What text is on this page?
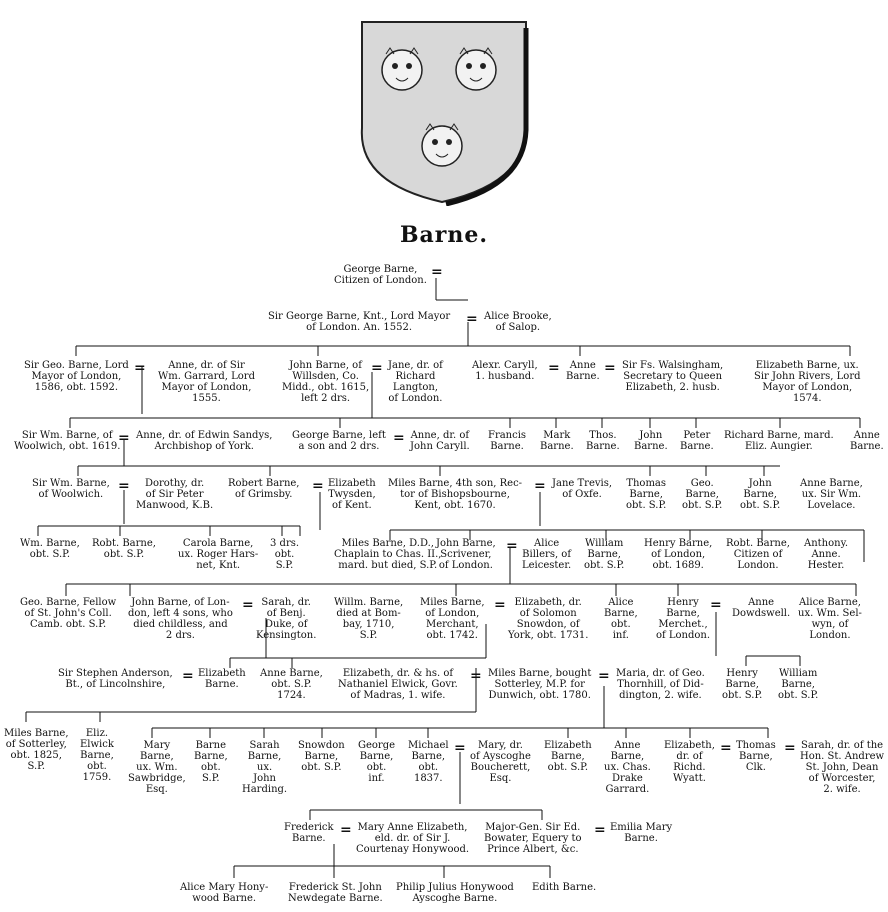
Barne.
George Barne,
Citizen of London.
=
Sir George Barne, Knt., Lord Mayor
of London. An. 1552.
= Alice Brooke,
of Salop.
Sir Geo. Barne, Lord
Mayor of London,
1586, obt. 1592.
=	Anne, dr. of Sir
Wm. Garrard, Lord
Mayor of London,
1555.
John Barne, of
Willsden, Co.
Midd., obt. 1615,
left 2 drs.
= Jane, dr. of
Richard
Langton,
of London.
Alexr. Caryll,
1. husband.
=	Anne
Barne.
= Sir Fs. Walsingham,
Secretary to Queen
Elizabeth, 2. husb.
Elizabeth Barne, ux.
Sir John Rivers, Lord
Mayor of London,
1574.
Sir Wm. Barne, of
Woolwich, obt. 1619.
= Anne, dr. of Edwin Sandys,
Archbishop of York.
George Barne, left
a son and 2 drs.
= Anne, dr. of
John Caryll.
Francis
Barne.
Mark
Barne.
Thos.
Barne.
John
Barne.
Peter
Barne.
Richard Barne, mard.
Eliz. Aungier.
Anne
Barne.
Sir Wm. Barne,
of Woolwich.
=	Dorothy, dr.
of Sir Peter
Manwood, K.B.
Robert Barne,
of Grimsby.
= Elizabeth
Twysden,
of Kent.
Miles Barne, 4th son, Rec-
tor of Bishopsbourne,
Kent, obt. 1670.
= Jane Trevis,
of Oxfe.
Thomas
Barne,
obt. S.P.
Geo.
Barne,
obt. S.P.
John
Barne,
obt. S.P.
Anne Barne,
ux. Sir Wm.
Lovelace.
Wm. Barne,
obt. S.P.
Robt. Barne,
obt. S.P.
Carola Barne,
ux. Roger Hars-
net, Knt.
3 drs.
obt.
S.P.
Miles Barne, D.D.,
Chaplain to Chas. II.,
mard. but died, S.P.
John Barne,
Scrivener,
of London.
=	Alice
Billers, of
Leicester.
William
Barne,
obt. S.P.
Henry Barne,
of London,
obt. 1689.
Robt. Barne,
Citizen of
London.
Anthony.
Anne.
Hester.
Geo. Barne, Fellow
of St. John's Coll.
Camb. obt. S.P.
John Barne, of Lon-
don, left 4 sons, who
died childless, and
2 drs.
= Sarah, dr.
of Benj.
Duke, of
Kensington.
Willm. Barne,
died at Bom-
bay, 1710,
S.P.
Miles Barne,
of London,
Merchant,
obt. 1742.
= Elizabeth, dr.
of Solomon
Snowdon, of
York, obt. 1731.
Alice
Barne,
obt.
inf.
Henry
Barne,
Merchet.,
of London.
=	Anne
Dowdswell.
Alice Barne,
ux. Wm. Sel-
wyn, of
London.
Sir Stephen Anderson,
Bt., of Lincolnshire,
= Elizabeth
Barne.
Anne Barne,
obt. S.P.
1724.
Elizabeth, dr. & hs. of
Nathaniel Elwick, Govr.
of Madras, 1. wife.
= Miles Barne, bought
Sotterley, M.P. for
Dunwich, obt. 1780.
= Maria, dr. of Geo.
Thornhill, of Did-
dington, 2. wife.
Henry
Barne,
obt. S.P.
William
Barne,
obt. S.P.
Miles Barne,
of Sotterley,
obt. 1825,
S.P.
Eliz.
Elwick
Barne,
obt.
1759.
Mary
Barne,
ux. Wm.
Sawbridge,
Esq.
Barne
Barne,
obt.
S.P.
Sarah
Barne,
ux.
John
Harding.
Snowdon
Barne,
obt. S.P.
George
Barne,
obt.
inf.
Michael
Barne,
obt.
1837.
=	Mary, dr.
of Ayscoghe
Boucherett,
Esq.
Elizabeth
Barne,
obt. S.P.
Anne
Barne,
ux. Chas.
Drake
Garrard.
Elizabeth,
dr. of
Richd.
Wyatt.
= Thomas
Barne,
Clk.
= Sarah, dr. of the
Hon. St. Andrew
St. John, Dean
of Worcester,
2. wife.
Frederick
Barne.
= Mary Anne Elizabeth,
eld. dr. of Sir J.
Courtenay Honywood.
Major-Gen. Sir Ed.
Bowater, Equery to
Prince Albert, &c.
= Emilia Mary
Barne.
Alice Mary Hony-
wood Barne.
Frederick St. John
Newdegate Barne.
Philip Julius Honywood
Ayscoghe Barne.
Edith Barne.
